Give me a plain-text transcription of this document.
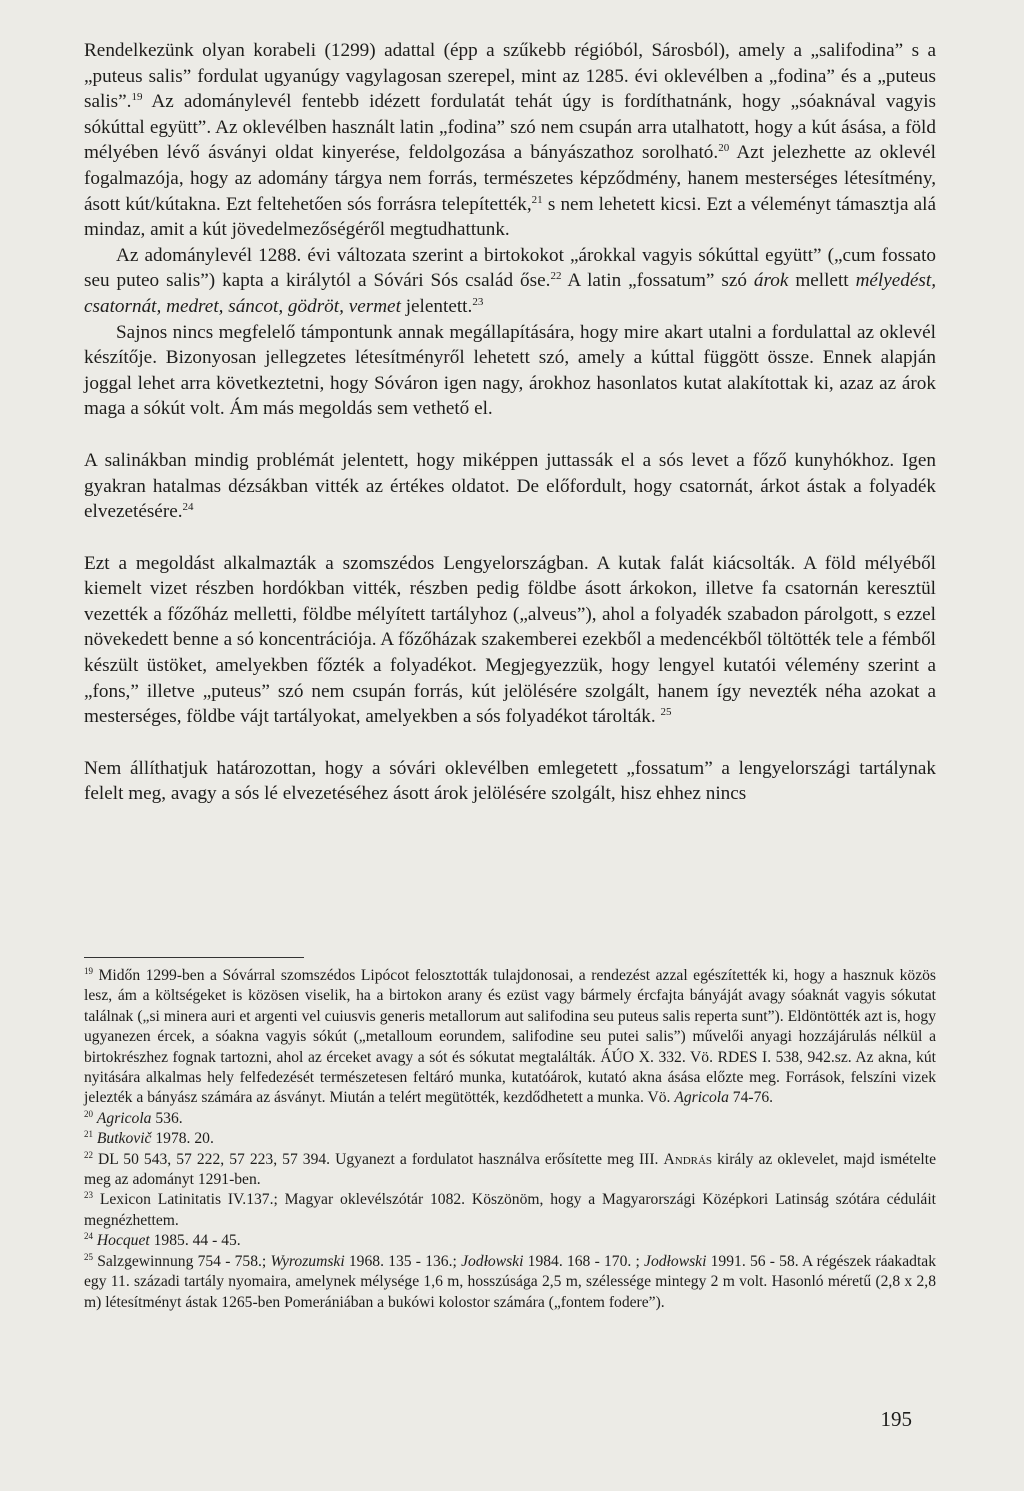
Rendelkezünk olyan korabeli (1299) adattal (épp a szűkebb régióból, Sárosból), amely a „salifodina” s a „puteus salis” fordulat ugyanúgy vagylagosan szerepel, mint az 1285. évi oklevélben a „fodina” és a „puteus salis”.$^{19}$ Az adománylevél fentebb idézett fordulatát tehát úgy is fordíthatnánk, hogy „sóaknával vagyis sókúttal együtt”. Az oklevélben használt latin „fodina” szó nem csupán arra utalhatott, hogy a kút ásása, a föld mélyében lévő ásványi oldat kinyerése, feldolgozása a bányászathoz sorolható.$^{20}$ Azt jelezhette az oklevél fogalmazója, hogy az adomány tárgya nem forrás, természetes képződmény, hanem mesterséges létesítmény, ásott kút/kútakna. Ezt feltehetően sós forrásra telepítették,$^{21}$ s nem lehetett kicsi. Ezt a véleményt támasztja alá mindaz, amit a kút jövedelmezőségéről megtudhattunk.

Az adománylevél 1288. évi változata szerint a birtokokot „árokkal vagyis sókúttal együtt” („cum fossato seu puteo salis”) kapta a királytól a Sóvári Sós család őse.$^{22}$ A latin „fossatum” szó árok mellett mélyedést, csatornát, medret, sáncot, gödröt, vermet jelentett.$^{23}$

Sajnos nincs megfelelő támpontunk annak megállapítására, hogy mire akart utalni a fordulattal az oklevél készítője. Bizonyosan jellegzetes létesítményről lehetett szó, amely a kúttal függött össze. Ennek alapján joggal lehet arra következtetni, hogy Sóváron igen nagy, árokhoz hasonlatos kutat alakítottak ki, azaz az árok maga a sókút volt. Ám más megoldás sem vethető el.

A salinákban mindig problémát jelentett, hogy miképpen juttassák el a sós levet a főző kunyhókhoz. Igen gyakran hatalmas dézsákban vitték az értékes oldatot. De előfordult, hogy csatornát, árkot ástak a folyadék elvezetésére.$^{24}$

Ezt a megoldást alkalmazták a szomszédos Lengyelországban. A kutak falát kiácsolták. A föld mélyéből kiemelt vizet részben hordókban vitték, részben pedig földbe ásott árkokon, illetve fa csatornán keresztül vezették a főzőház melletti, földbe mélyített tartályhoz („alveus”), ahol a folyadék szabadon párolgott, s ezzel növekedett benne a só koncentrációja. A főzőházak szakemberei ezekből a medencékből töltötték tele a fémből készült üstöket, amelyekben főzték a folyadékot. Megjegyezzük, hogy lengyel kutatói vélemény szerint a „fons,” illetve „puteus” szó nem csupán forrás, kút jelölésére szolgált, hanem így nevezték néha azokat a mesterséges, földbe vájt tartályokat, amelyekben a sós folyadékot tárolták. $^{25}$

Nem állíthatjuk határozottan, hogy a sóvári oklevélben emlegetett „fossatum” a lengyelországi tartálynak felelt meg, avagy a sós lé elvezetéséhez ásott árok jelölésére szolgált, hisz ehhez nincs

$^{19}$ Midőn 1299-ben a Sóvárral szomszédos Lipócot felosztották tulajdonosai, a rendezést azzal egészítették ki, hogy a hasznuk közös lesz, ám a költségeket is közösen viselik, ha a birtokon arany és ezüst vagy bármely ércfajta bányáját avagy sóaknát vagyis sókutat találnak („si minera auri et argenti vel cuiusvis generis metallorum aut salifodina seu puteus salis reperta sunt”). Eldöntötték azt is, hogy ugyanezen ércek, a sóakna vagyis sókút („metalloum eorundem, salifodine seu putei salis”) művelői anyagi hozzájárulás nélkül a birtokrészhez fognak tartozni, ahol az érceket avagy a sót és sókutat megtalálták. ÁÚO X. 332. Vö. RDES I. 538, 942.sz. Az akna, kút nyitására alkalmas hely felfedezését természetesen feltáró munka, kutatóárok, kutató akna ásása előzte meg. Források, felszíni vizek jelezték a bányász számára az ásványt. Miután a telért megütötték, kezdődhetett a munka. Vö. Agricola 74-76.

$^{20}$ Agricola 536.

$^{21}$ Butkovič 1978. 20.

$^{22}$ DL 50 543, 57 222, 57 223, 57 394. Ugyanezt a fordulatot használva erősítette meg III. András király az oklevelet, majd ismételte meg az adományt 1291-ben.

$^{23}$ Lexicon Latinitatis IV.137.; Magyar oklevélszótár 1082. Köszönöm, hogy a Magyarországi Középkori Latinság szótára céduláit megnézhettem.

$^{24}$ Hocquet 1985. 44 - 45.

$^{25}$ Salzgewinnung 754 - 758.; Wyrozumski 1968. 135 - 136.; Jodłowski 1984. 168 - 170. ; Jodłowski 1991. 56 - 58. A régészek ráakadtak egy 11. századi tartály nyomaira, amelynek mélysége 1,6 m, hosszúsága 2,5 m, szélessége mintegy 2 m volt. Hasonló méretű (2,8 x 2,8 m) létesítményt ástak 1265-ben Pomerániában a bukówi kolostor számára („fontem fodere”).

195
